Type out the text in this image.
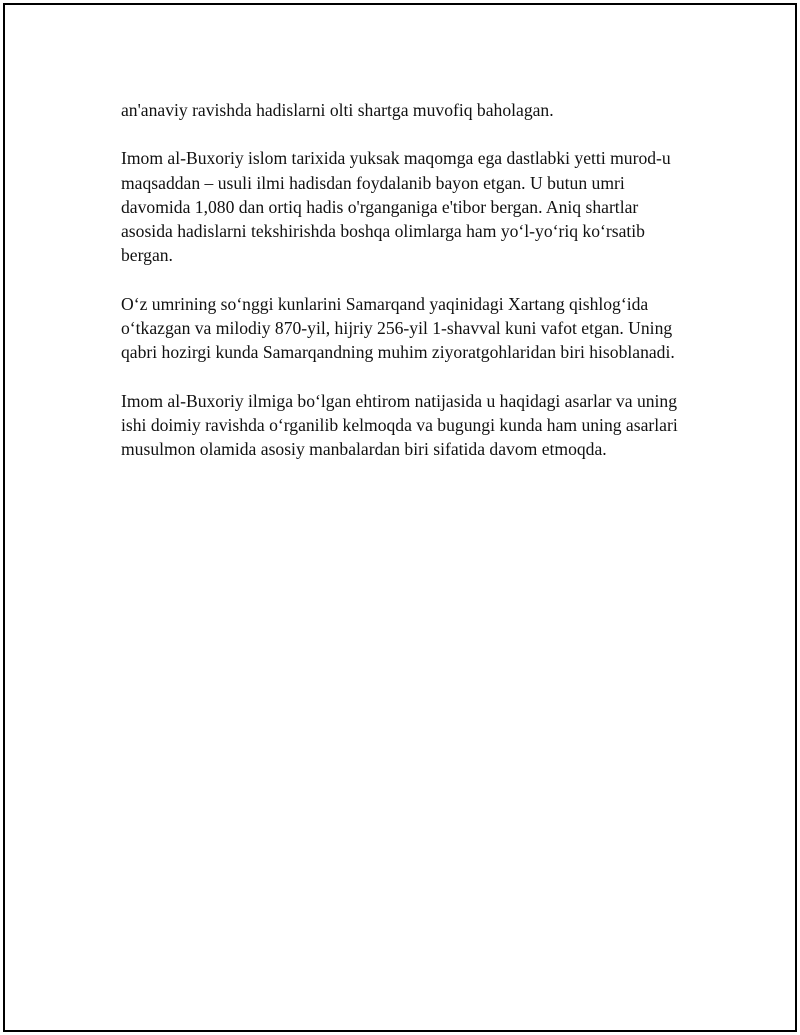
an'anaviy ravishda hadislarni olti shartga muvofiq baholagan.

Imom al-Buxoriy islom tarixida yuksak maqomga ega dastlabki yetti murod-u maqsaddan – usuli ilmi hadisdan foydalanib bayon etgan. U butun umri davomida 1,080 dan ortiq hadis o'rganganiga e'tibor bergan. Aniq shartlar asosida hadislarni tekshirishda boshqa olimlarga ham yo‘l-yo‘riq ko‘rsatib bergan.

O‘z umrining so‘nggi kunlarini Samarqand yaqinidagi Xartang qishlog‘ida o‘tkazgan va milodiy 870-yil, hijriy 256-yil 1-shavval kuni vafot etgan. Uning qabri hozirgi kunda Samarqandning muhim ziyoratgohlaridan biri hisoblanadi.

Imom al-Buxoriy ilmiga bo‘lgan ehtirom natijasida u haqidagi asarlar va uning ishi doimiy ravishda o‘rganilib kelmoqda va bugungi kunda ham uning asarlari musulmon olamida asosiy manbalardan biri sifatida davom etmoqda.
